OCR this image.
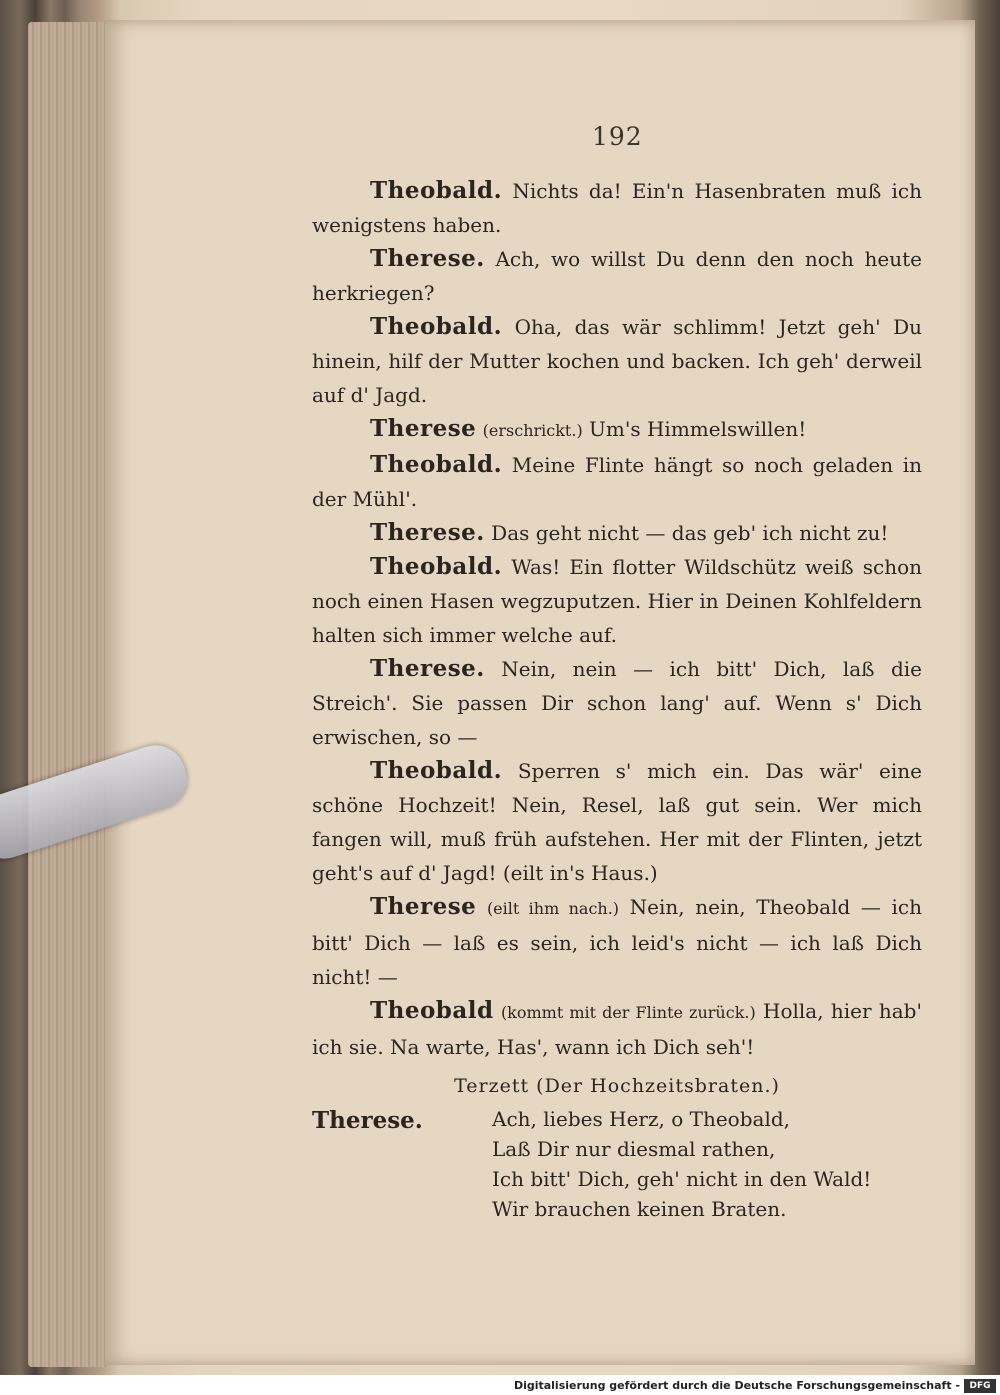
192

Theobald. Nichts da! Ein'n Hasenbraten muß ich wenigstens haben.

Therese. Ach, wo willst Du denn den noch heute herkriegen?

Theobald. Oha, das wär schlimm! Jetzt geh' Du hinein, hilf der Mutter kochen und backen. Ich geh' derweil auf d' Jagd.

Therese (erschrickt.) Um's Himmelswillen!

Theobald. Meine Flinte hängt so noch geladen in der Mühl'.

Therese. Das geht nicht — das geb' ich nicht zu!

Theobald. Was! Ein flotter Wildschütz weiß schon noch einen Hasen wegzuputzen. Hier in Deinen Kohlfeldern halten sich immer welche auf.

Therese. Nein, nein — ich bitt' Dich, laß die Streich'. Sie passen Dir schon lang' auf. Wenn s' Dich erwischen, so —

Theobald. Sperren s' mich ein. Das wär' eine schöne Hochzeit! Nein, Resel, laß gut sein. Wer mich fangen will, muß früh aufstehen. Her mit der Flinten, jetzt geht's auf d' Jagd! (eilt in's Haus.)

Therese (eilt ihm nach.) Nein, nein, Theobald — ich bitt' Dich — laß es sein, ich leid's nicht — ich laß Dich nicht! —

Theobald (kommt mit der Flinte zurück.) Holla, hier hab' ich sie. Na warte, Has', wann ich Dich seh'!

Terzett (Der Hochzeitsbraten.)
Therese.	Ach, liebes Herz, o Theobald,
Laß Dir nur diesmal rathen,
Ich bitt' Dich, geh' nicht in den Wald!
Wir brauchen keinen Braten.
Digitalisierung gefördert durch die Deutsche Forschungsgemeinschaft -	DFG
